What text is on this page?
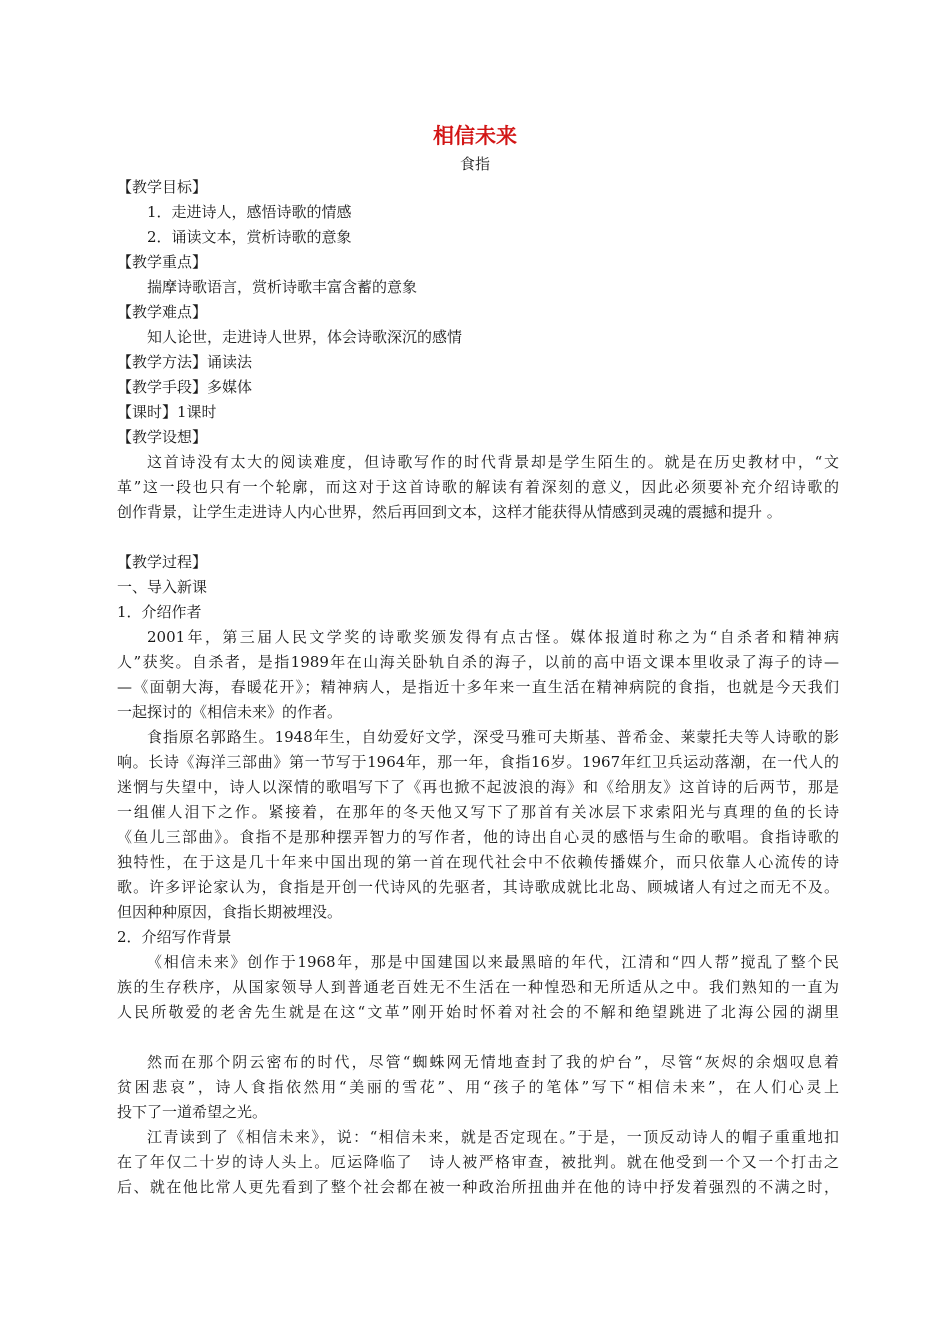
相信未来
食指
【教学目标】
1．走进诗人，感悟诗歌的情感
2．诵读文本，赏析诗歌的意象
【教学重点】
揣摩诗歌语言，赏析诗歌丰富含蓄的意象
【教学难点】
知人论世，走进诗人世界，体会诗歌深沉的感情
【教学方法】诵读法
【教学手段】多媒体
【课时】1课时
【教学设想】
这首诗没有太大的阅读难度，但诗歌写作的时代背景却是学生陌生的。就是在历史教材中，“文
革”这一段也只有一个轮廓，而这对于这首诗歌的解读有着深刻的意义，因此必须要补充介绍诗歌的
创作背景，让学生走进诗人内心世界，然后再回到文本，这样才能获得从情感到灵魂的震撼和提升 。
【教学过程】
一、导入新课
1．介绍作者
2001年，第三届人民文学奖的诗歌奖颁发得有点古怪。媒体报道时称之为“自杀者和精神病
人”获奖。自杀者，是指1989年在山海关卧轨自杀的海子，以前的高中语文课本里收录了海子的诗—
—《面朝大海，春暖花开》；精神病人，是指近十多年来一直生活在精神病院的食指，也就是今天我们
一起探讨的《相信未来》的作者。
食指原名郭路生。1948年生，自幼爱好文学，深受马雅可夫斯基、普希金、莱蒙托夫等人诗歌的影
响。长诗《海洋三部曲》第一节写于1964年，那一年，食指16岁。1967年红卫兵运动落潮，在一代人的
迷惘与失望中，诗人以深情的歌唱写下了《再也掀不起波浪的海》和《给朋友》这首诗的后两节，那是
一组催人泪下之作。紧接着，在那年的冬天他又写下了那首有关冰层下求索阳光与真理的鱼的长诗
《鱼儿三部曲》。食指不是那种摆弄智力的写作者，他的诗出自心灵的感悟与生命的歌唱。食指诗歌的
独特性，在于这是几十年来中国出现的第一首在现代社会中不依赖传播媒介，而只依靠人心流传的诗
歌。许多评论家认为，食指是开创一代诗风的先驱者，其诗歌成就比北岛、顾城诸人有过之而无不及。
但因种种原因，食指长期被埋没。
2．介绍写作背景
《相信未来》创作于1968年，那是中国建国以来最黑暗的年代，江清和“四人帮”搅乱了整个民
族的生存秩序，从国家领导人到普通老百姓无不生活在一种惶恐和无所适从之中。我们熟知的一直为
人民所敬爱的老舍先生就是在这“文革”刚开始时怀着对社会的不解和绝望跳进了北海公园的湖里
然而在那个阴云密布的时代，尽管“蜘蛛网无情地查封了我的炉台”，尽管“灰烬的余烟叹息着
贫困悲哀”，诗人食指依然用“美丽的雪花”、用“孩子的笔体”写下“相信未来”，在人们心灵上
投下了一道希望之光。
江青读到了《相信未来》，说：“相信未来，就是否定现在。”于是，一顶反动诗人的帽子重重地扣
在了年仅二十岁的诗人头上。厄运降临了　诗人被严格审查，被批判。就在他受到一个又一个打击之
后、就在他比常人更先看到了整个社会都在被一种政治所扭曲并在他的诗中抒发着强烈的不满之时，
